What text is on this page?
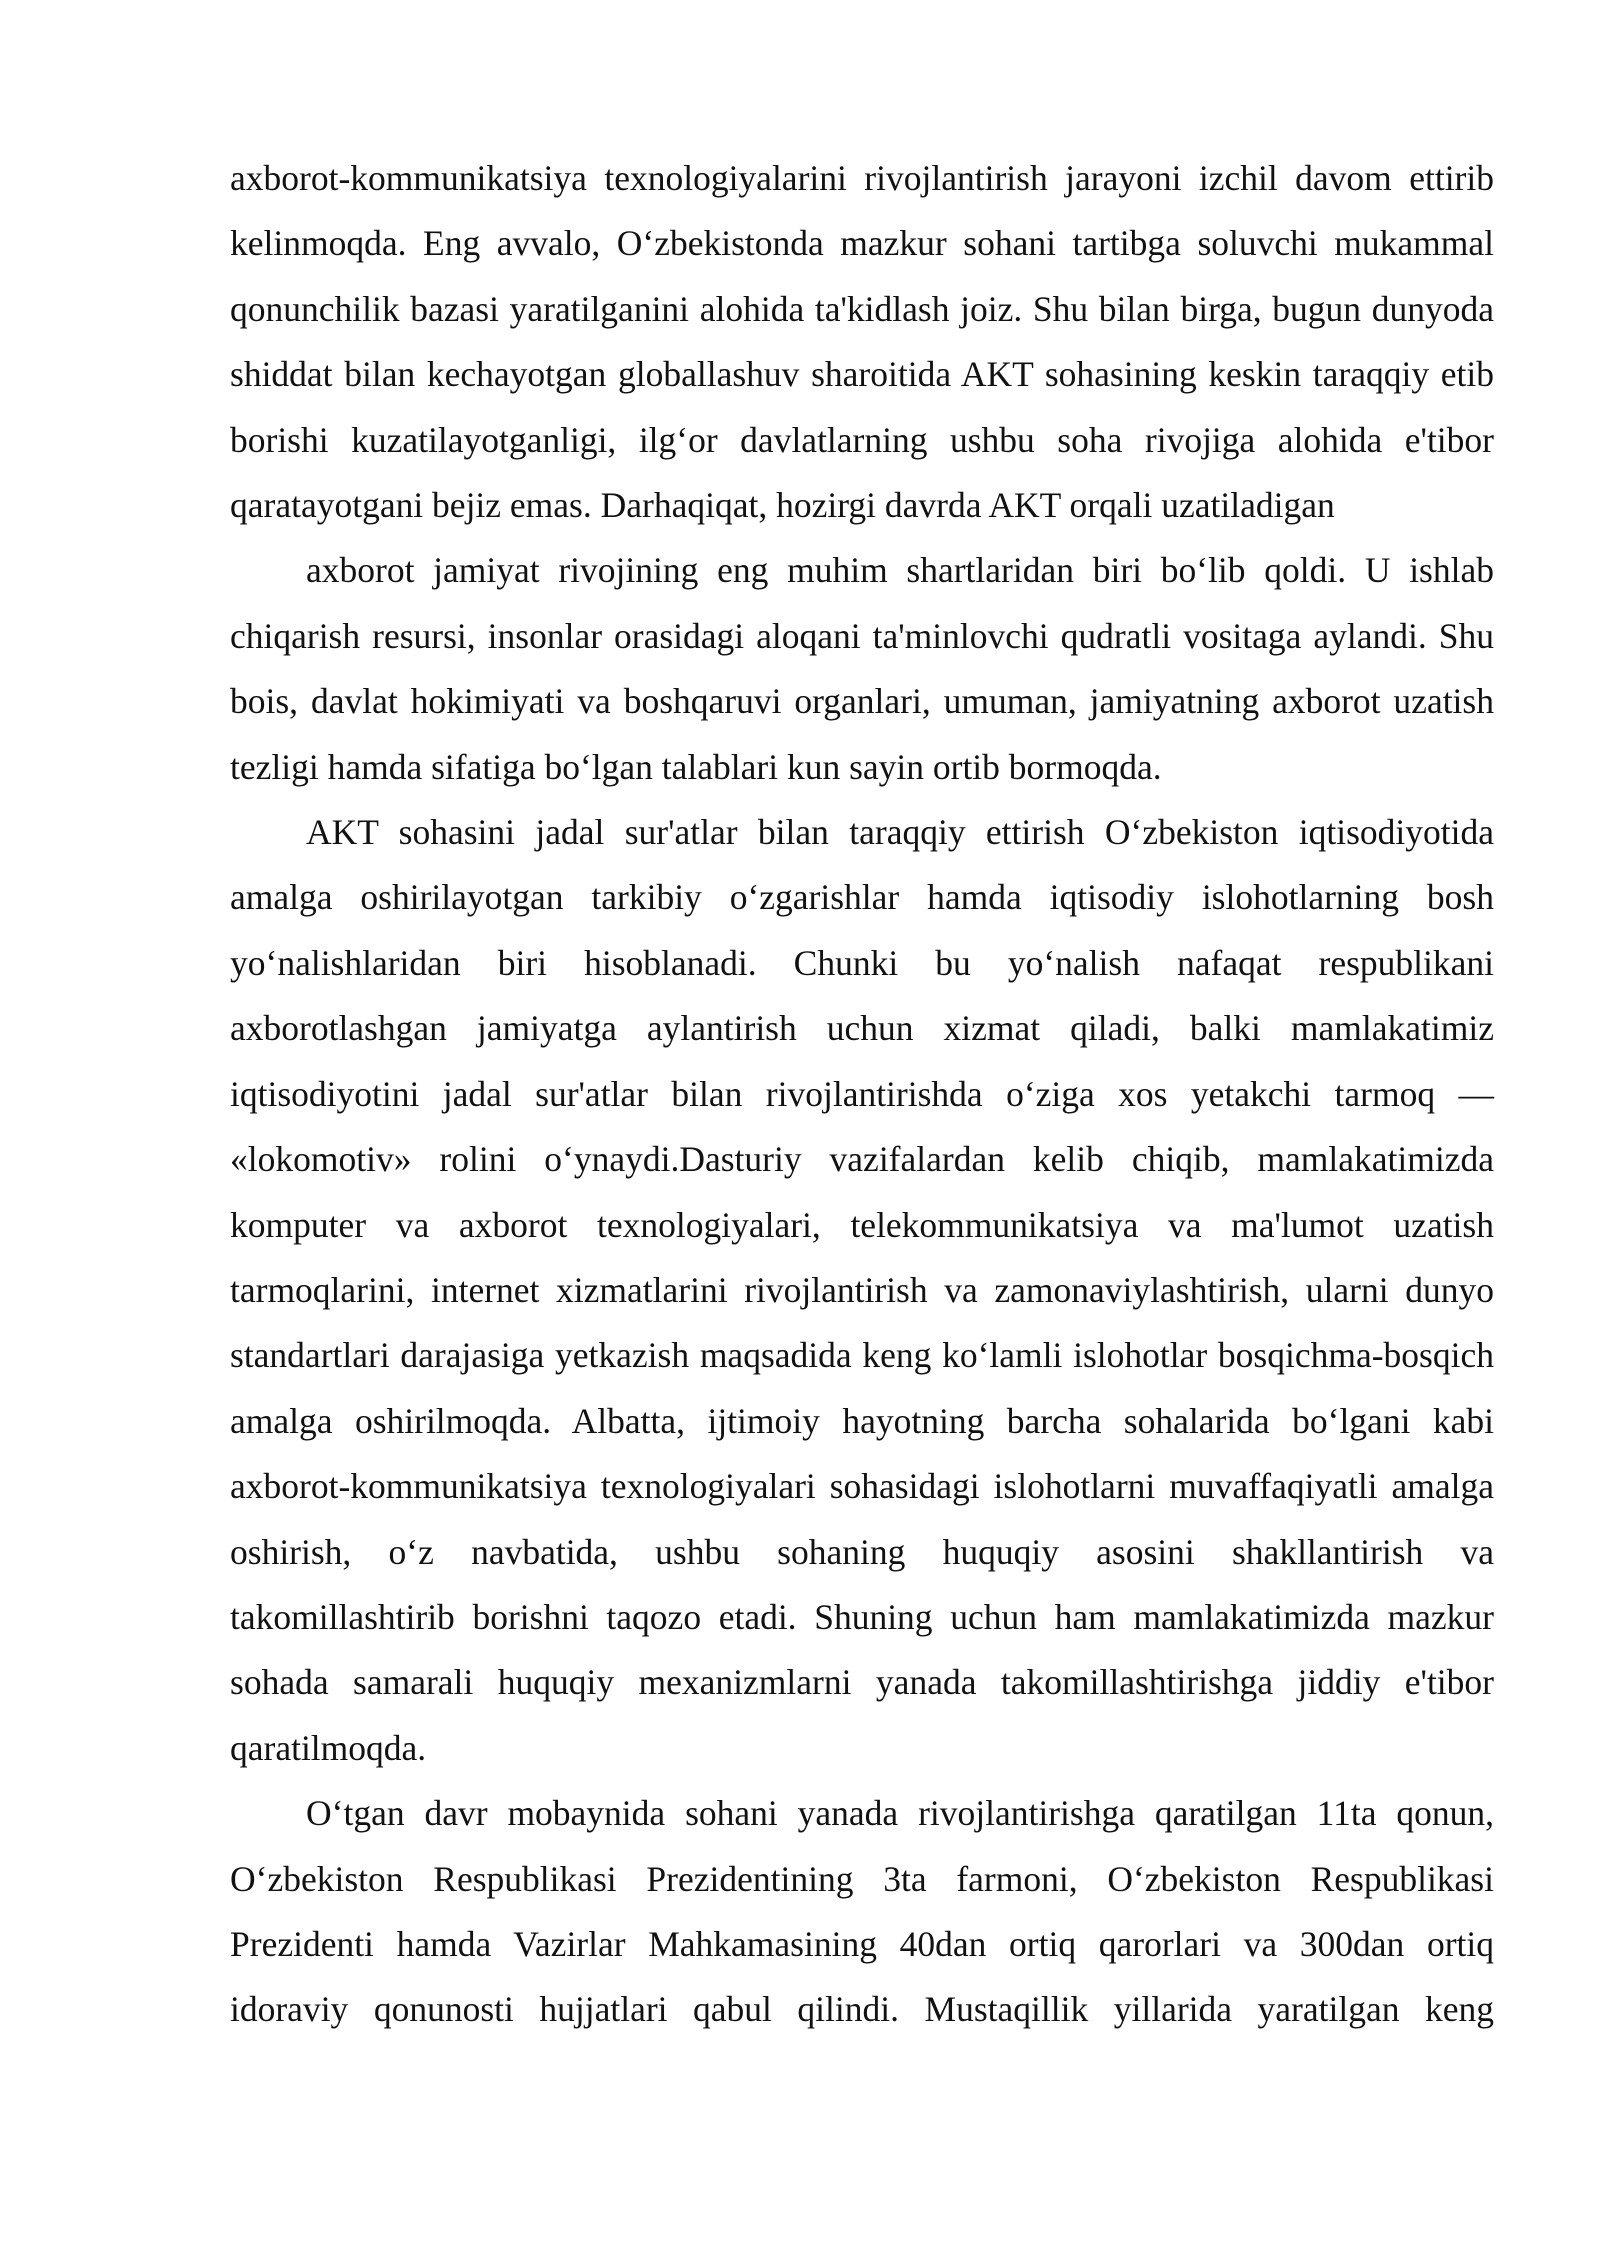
axborot-kommunikatsiya texnologiyalarini rivojlantirish jarayoni izchil davom ettirib kelinmoqda. Eng avvalo, O‘zbekistonda mazkur sohani tartibga soluvchi mukammal qonunchilik bazasi yaratilganini alohida ta'kidlash joiz. Shu bilan birga, bugun dunyoda shiddat bilan kechayotgan globallashuv sharoitida AKT sohasining keskin taraqqiy etib borishi kuzatilayotganligi, ilg‘or davlatlarning ushbu soha rivojiga alohida e'tibor qaratayotgani bejiz emas. Darhaqiqat, hozirgi davrda AKT orqali uzatiladigan

axborot jamiyat rivojining eng muhim shartlaridan biri bo‘lib qoldi. U ishlab chiqarish resursi, insonlar orasidagi aloqani ta'minlovchi qudratli vositaga aylandi. Shu bois, davlat hokimiyati va boshqaruvi organlari, umuman, jamiyatning axborot uzatish tezligi hamda sifatiga bo‘lgan talablari kun sayin ortib bormoqda.

AKT sohasini jadal sur'atlar bilan taraqqiy ettirish O‘zbekiston iqtisodiyotida amalga oshirilayotgan tarkibiy o‘zgarishlar hamda iqtisodiy islohotlarning bosh yo‘nalishlaridan biri hisoblanadi. Chunki bu yo‘nalish nafaqat respublikani axborotlashgan jamiyatga aylantirish uchun xizmat qiladi, balki mamlakatimiz iqtisodiyotini jadal sur'atlar bilan rivojlantirishda o‘ziga xos yetakchi tarmoq — «lokomotiv» rolini o‘ynaydi.Dasturiy vazifalardan kelib chiqib, mamlakatimizda komputer va axborot texnologiyalari, telekommunikatsiya va ma'lumot uzatish tarmoqlarini, internet xizmatlarini rivojlantirish va zamonaviylashtirish, ularni dunyo standartlari darajasiga yetkazish maqsadida keng ko‘lamli islohotlar bosqichma-bosqich amalga oshirilmoqda. Albatta, ijtimoiy hayotning barcha sohalarida bo‘lgani kabi axborot-kommunikatsiya texnologiyalari sohasidagi islohotlarni muvaffaqiyatli amalga oshirish, o‘z navbatida, ushbu sohaning huquqiy asosini shakllantirish va takomillashtirib borishni taqozo etadi. Shuning uchun ham mamlakatimizda mazkur sohada samarali huquqiy mexanizmlarni yanada takomillashtirishga jiddiy e'tibor qaratilmoqda.

O‘tgan davr mobaynida sohani yanada rivojlantirishga qaratilgan 11ta qonun, O‘zbekiston Respublikasi Prezidentining 3ta farmoni, O‘zbekiston Respublikasi Prezidenti hamda Vazirlar Mahkamasining 40dan ortiq qarorlari va 300dan ortiq idoraviy qonunosti hujjatlari qabul qilindi. Mustaqillik yillarida yaratilgan keng
